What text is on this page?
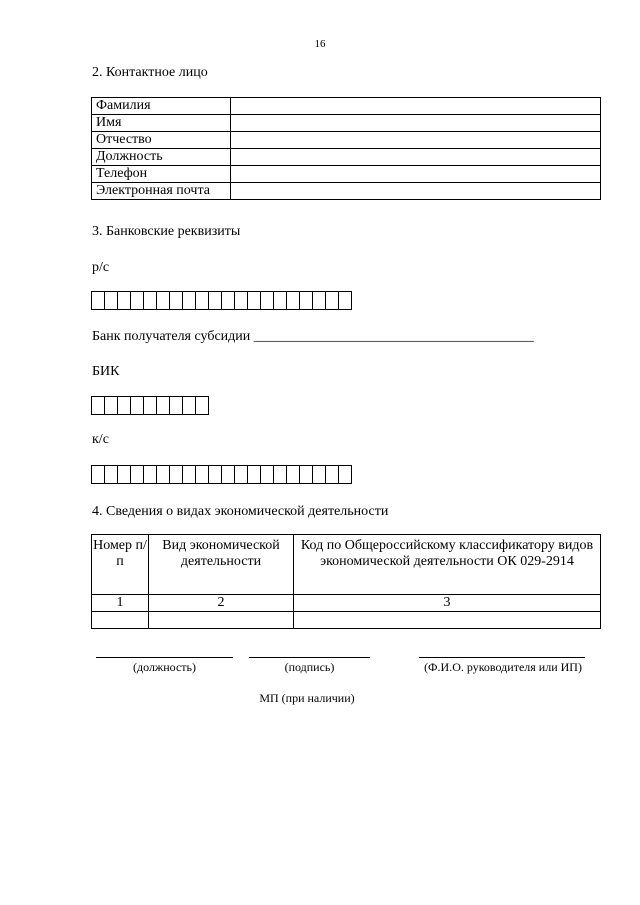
16
2. Контактное лицо
Фамилия	
Имя	
Отчество	
Должность	
Телефон	
Электронная почта	
3. Банковские реквизиты
р/с
Банк получателя субсидии ________________________________________
БИК
к/с
4. Сведения о видах экономической деятельности
Номер п/п	Вид экономической деятельности	Код по Общероссийскому классификатору видов экономической деятельности ОК 029-2914
1	2	3

(должность)	(подпись)	(Ф.И.О. руководителя или ИП)
МП (при наличии)
